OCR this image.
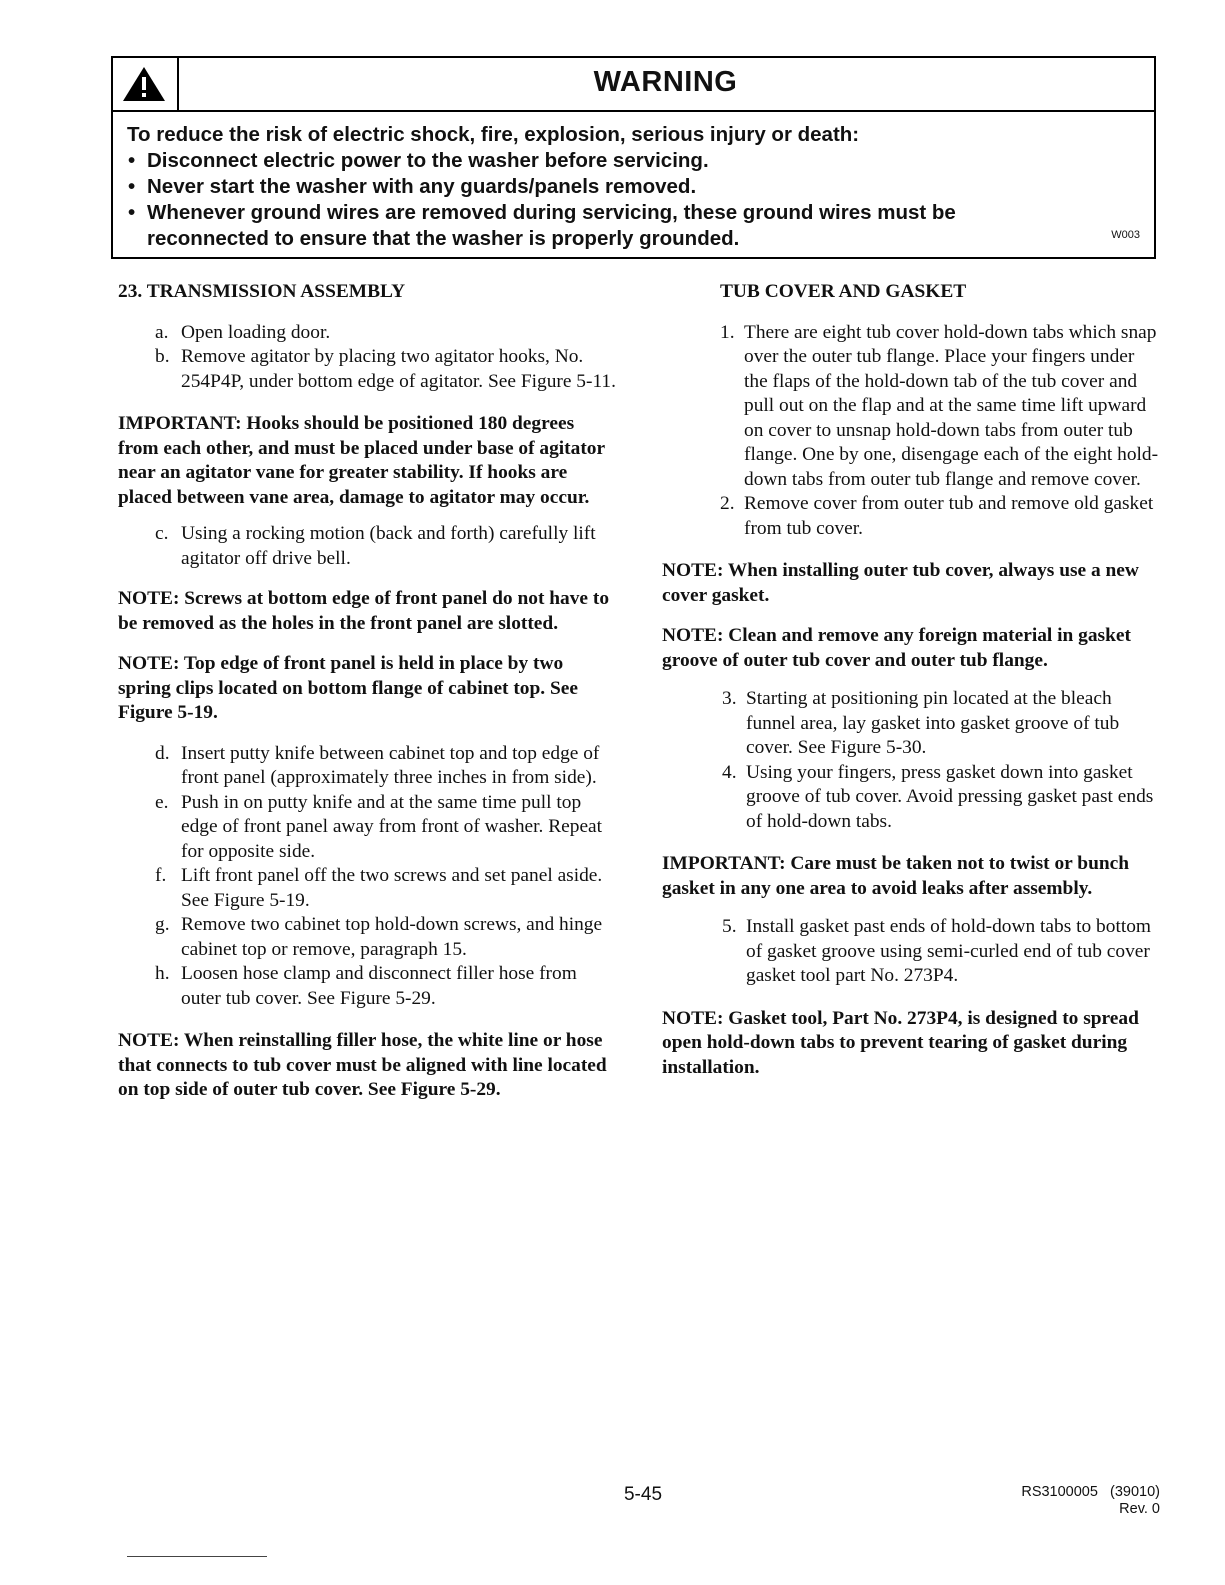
WARNING
To reduce the risk of electric shock, fire, explosion, serious injury or death:
• Disconnect electric power to the washer before servicing.
• Never start the washer with any guards/panels removed.
• Whenever ground wires are removed during servicing, these ground wires must be reconnected to ensure that the washer is properly grounded.	W003
23. TRANSMISSION ASSEMBLY
a. Open loading door.
b. Remove agitator by placing two agitator hooks, No. 254P4P, under bottom edge of agitator. See Figure 5-11.
IMPORTANT: Hooks should be positioned 180 degrees from each other, and must be placed under base of agitator near an agitator vane for greater stability. If hooks are placed between vane area, damage to agitator may occur.
c. Using a rocking motion (back and forth) carefully lift agitator off drive bell.
NOTE: Screws at bottom edge of front panel do not have to be removed as the holes in the front panel are slotted.
NOTE: Top edge of front panel is held in place by two spring clips located on bottom flange of cabinet top. See Figure 5-19.
d. Insert putty knife between cabinet top and top edge of front panel (approximately three inches in from side).
e. Push in on putty knife and at the same time pull top edge of front panel away from front of washer. Repeat for opposite side.
f. Lift front panel off the two screws and set panel aside. See Figure 5-19.
g. Remove two cabinet top hold-down screws, and hinge cabinet top or remove, paragraph 15.
h. Loosen hose clamp and disconnect filler hose from outer tub cover. See Figure 5-29.
NOTE: When reinstalling filler hose, the white line or hose that connects to tub cover must be aligned with line located on top side of outer tub cover. See Figure 5-29.
TUB COVER AND GASKET
1. There are eight tub cover hold-down tabs which snap over the outer tub flange. Place your fingers under the flaps of the hold-down tab of the tub cover and pull out on the flap and at the same time lift upward on cover to unsnap hold-down tabs from outer tub flange. One by one, disengage each of the eight hold-down tabs from outer tub flange and remove cover.
2. Remove cover from outer tub and remove old gasket from tub cover.
NOTE: When installing outer tub cover, always use a new cover gasket.
NOTE: Clean and remove any foreign material in gasket groove of outer tub cover and outer tub flange.
3. Starting at positioning pin located at the bleach funnel area, lay gasket into gasket groove of tub cover. See Figure 5-30.
4. Using your fingers, press gasket down into gasket groove of tub cover. Avoid pressing gasket past ends of hold-down tabs.
IMPORTANT: Care must be taken not to twist or bunch gasket in any one area to avoid leaks after assembly.
5. Install gasket past ends of hold-down tabs to bottom of gasket groove using semi-curled end of tub cover gasket tool part No. 273P4.
NOTE: Gasket tool, Part No. 273P4, is designed to spread open hold-down tabs to prevent tearing of gasket during installation.
5-45	RS3100005   (39010)
Rev. 0
